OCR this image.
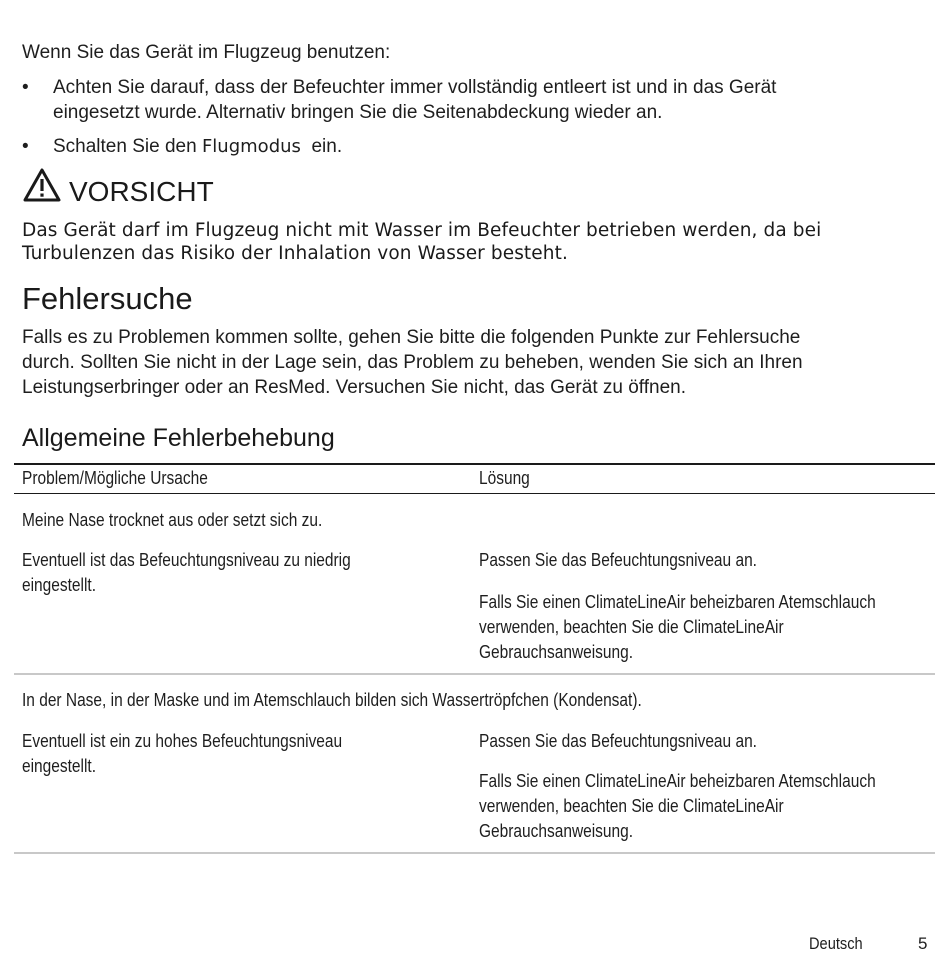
Wenn Sie das Gerät im Flugzeug benutzen:
• Achten Sie darauf, dass der Befeuchter immer vollständig entleert ist und in das Gerät
eingesetzt wurde. Alternativ bringen Sie die Seitenabdeckung wieder an.
• Schalten Sie den Flugmodus  ein.
VORSICHT
Das Gerät darf im Flugzeug nicht mit Wasser im Befeuchter betrieben werden, da bei
Turbulenzen das Risiko der Inhalation von Wasser besteht.
Fehlersuche
Falls es zu Problemen kommen sollte, gehen Sie bitte die folgenden Punkte zur Fehlersuche
durch. Sollten Sie nicht in der Lage sein, das Problem zu beheben, wenden Sie sich an Ihren
Leistungserbringer oder an ResMed. Versuchen Sie nicht, das Gerät zu öffnen.
Allgemeine Fehlerbehebung
Problem/Mögliche Ursache	Lösung
Meine Nase trocknet aus oder setzt sich zu.
Eventuell ist das Befeuchtungsniveau zu niedrig
eingestellt.
Passen Sie das Befeuchtungsniveau an.
Falls Sie einen ClimateLineAir beheizbaren Atemschlauch
verwenden, beachten Sie die ClimateLineAir
Gebrauchsanweisung.
In der Nase, in der Maske und im Atemschlauch bilden sich Wassertröpfchen (Kondensat).
Eventuell ist ein zu hohes Befeuchtungsniveau
eingestellt.
Passen Sie das Befeuchtungsniveau an.
Falls Sie einen ClimateLineAir beheizbaren Atemschlauch
verwenden, beachten Sie die ClimateLineAir
Gebrauchsanweisung.
Deutsch	5
